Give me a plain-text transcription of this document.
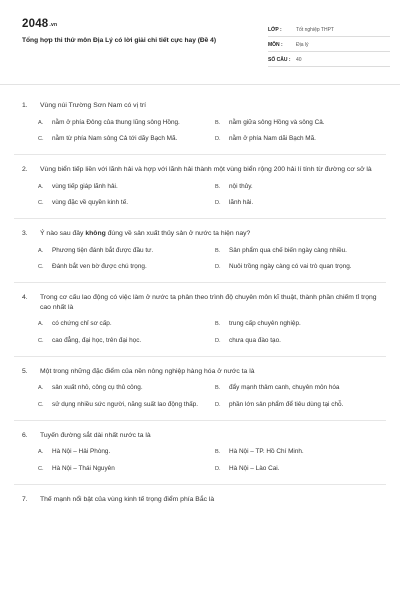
2048.vn
Tổng hợp thi thử môn Địa Lý có lời giải chi tiết cực hay (Đề 4)
LỚP :	Tốt nghiệp THPT
MÔN :	Địa lý
SỐ CÂU :	40
1.	Vùng núi Trường Sơn Nam có vị trí
A.	nằm ở phía Đông của thung lũng sông Hồng.	B.	nằm giữa sông Hồng và sông Cả.
C.	nằm từ phía Nam sông Cả tới dãy Bạch Mã.	D.	nằm ở phía Nam dãi Bạch Mã.
2.	Vùng biển tiếp liền với lãnh hải và hợp với lãnh hải thành một vùng biển rộng 200 hải lí tính từ đường cơ sở là
A.	vùng tiếp giáp lãnh hải.	B.	nội thủy.
C.	vùng đặc về quyền kinh tế.	D.	lãnh hải.
3.	Ý nào sau đây không đúng về sản xuất thủy sản ở nước ta hiện nay?
A.	Phương tiện đánh bắt được đầu tư.	B.	Sản phẩm qua chế biến ngày càng nhiều.
C.	Đánh bắt ven bờ được chú trọng.	D.	Nuôi trồng ngày càng có vai trò quan trọng.
4.	Trong cơ cấu lao động có việc làm ở nước ta phân theo trình độ chuyên môn kĩ thuật, thành phần chiếm tỉ trọng cao nhất là
A.	có chứng chỉ sơ cấp.	B.	trung cấp chuyên nghiệp.
C.	cao đẳng, đại học, trên đại học.	D.	chưa qua đào tạo.
5.	Một trong những đặc điểm của nền nông nghiệp hàng hóa ở nước ta là
A.	sản xuất nhỏ, công cụ thủ công.	B.	đẩy mạnh thâm canh, chuyên môn hóa
C.	sử dụng nhiều sức người, năng suất lao động thấp.	D.	phần lớn sản phẩm để tiêu dùng tại chỗ.
6.	Tuyến đường sắt dài nhất nước ta là
A.	Hà Nội – Hải Phòng.	B.	Hà Nội – TP. Hồ Chí Minh.
C.	Hà Nội – Thái Nguyên	D.	Hà Nội – Lào Cai.
7.	Thế mạnh nổi bật của vùng kinh tế trọng điểm phía Bắc là
